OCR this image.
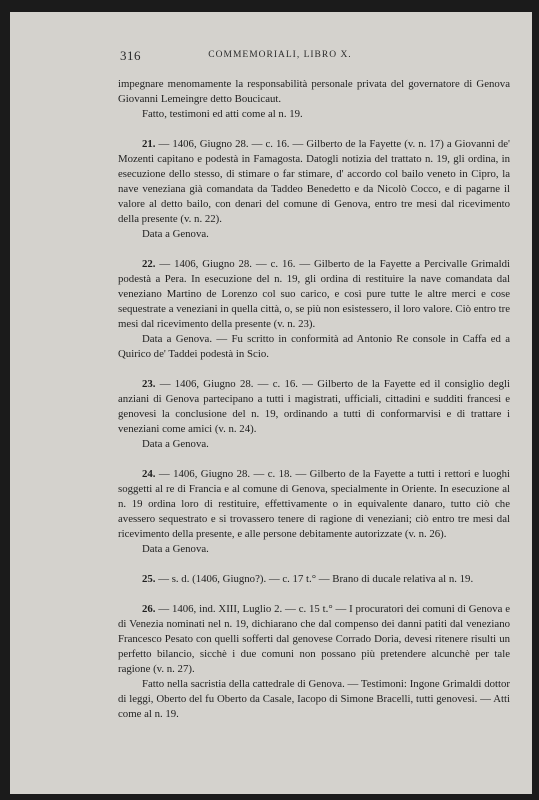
316	COMMEMORIALI, LIBRO X.

impegnare menomamente la responsabilità personale privata del governatore di Genova Giovanni Lemeingre detto Boucicaut.

Fatto, testimoni ed atti come al n. 19.

21. — 1406, Giugno 28. — c. 16. — Gilberto de la Fayette (v. n. 17) a Giovanni de' Mozenti capitano e podestà in Famagosta. Datogli notizia del trattato n. 19, gli ordina, in esecuzione dello stesso, di stimare o far stimare, d' accordo col bailo veneto in Cipro, la nave veneziana già comandata da Taddeo Benedetto e da Nicolò Cocco, e di pagarne il valore al detto bailo, con denari del comune di Genova, entro tre mesi dal ricevimento della presente (v. n. 22).

Data a Genova.

22. — 1406, Giugno 28. — c. 16. — Gilberto de la Fayette a Percivalle Grimaldi podestà a Pera. In esecuzione del n. 19, gli ordina di restituire la nave comandata dal veneziano Martino de Lorenzo col suo carico, e così pure tutte le altre merci e cose sequestrate a veneziani in quella città, o, se più non esistessero, il loro valore. Ciò entro tre mesi dal ricevimento della presente (v. n. 23).

Data a Genova. — Fu scritto in conformità ad Antonio Re console in Caffa ed a Quirico de' Taddei podestà in Scio.

23. — 1406, Giugno 28. — c. 16. — Gilberto de la Fayette ed il consiglio degli anziani di Genova partecipano a tutti i magistrati, ufficiali, cittadini e sudditi francesi e genovesi la conclusione del n. 19, ordinando a tutti di conformarvisi e di trattare i veneziani come amici (v. n. 24).

Data a Genova.

24. — 1406, Giugno 28. — c. 18. — Gilberto de la Fayette a tutti i rettori e luoghi soggetti al re di Francia e al comune di Genova, specialmente in Oriente. In esecuzione al n. 19 ordina loro di restituire, effettivamente o in equivalente danaro, tutto ciò che avessero sequestrato e si trovassero tenere di ragione di veneziani; ciò entro tre mesi dal ricevimento della presente, e alle persone debitamente autorizzate (v. n. 26).

Data a Genova.

25. — s. d. (1406, Giugno?). — c. 17 t.° — Brano di ducale relativa al n. 19.

26. — 1406, ind. XIII, Luglio 2. — c. 15 t.° — I procuratori dei comuni di Genova e di Venezia nominati nel n. 19, dichiarano che dal compenso dei danni patiti dal veneziano Francesco Pesato con quelli sofferti dal genovese Corrado Doria, devesi ritenere risulti un perfetto bilancio, sicchè i due comuni non possano più pretendere alcunchè per tale ragione (v. n. 27).

Fatto nella sacristia della cattedrale di Genova. — Testimoni: Ingone Grimaldi dottor di leggi, Oberto del fu Oberto da Casale, Iacopo di Simone Bracelli, tutti genovesi. — Atti come al n. 19.
